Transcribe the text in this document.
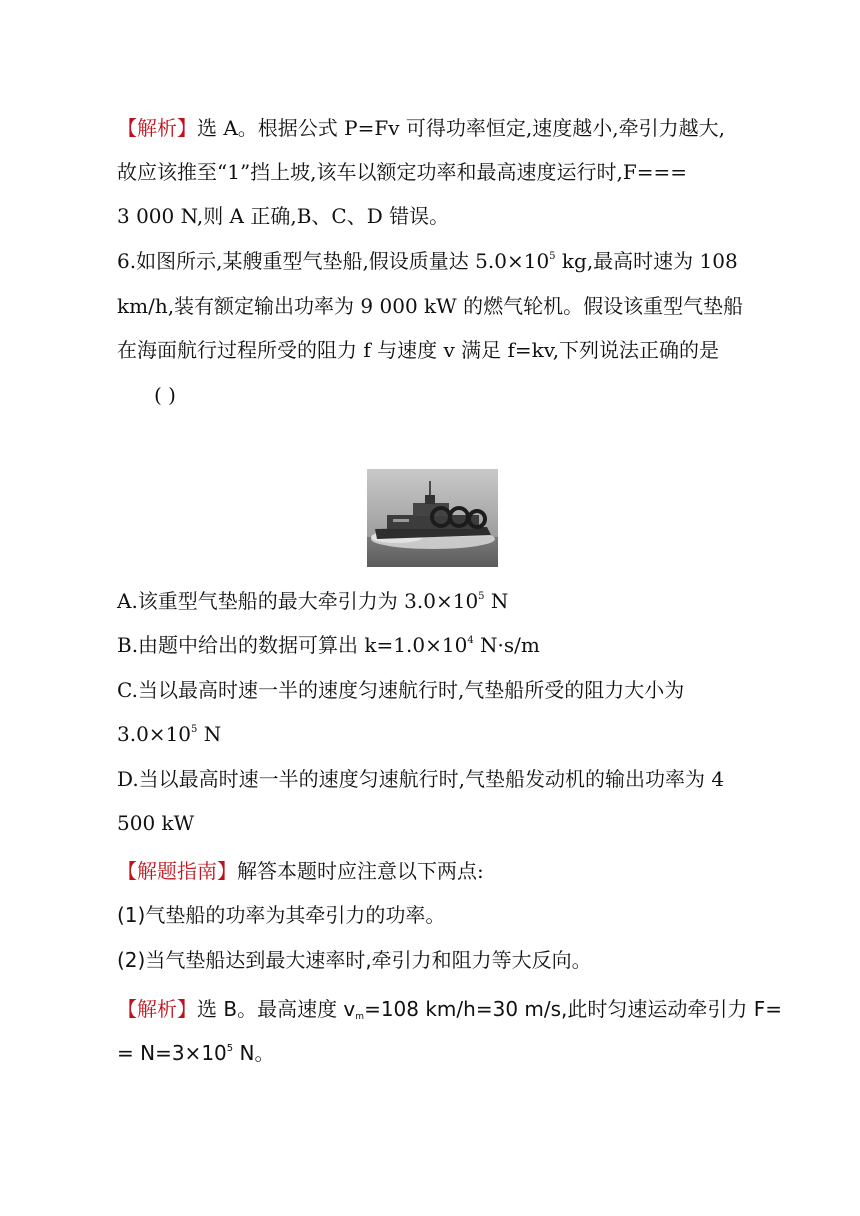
【解析】选 A。根据公式 P=Fv 可得功率恒定,速度越小,牵引力越大,
故应该推至“1”挡上坡,该车以额定功率和最高速度运行时,F===
3 000 N,则 A 正确,B、C、D 错误。
6.如图所示,某艘重型气垫船,假设质量达 $5.0\times 10^5$ kg,最高时速为 108
km/h,装有额定输出功率为 9 000 kW 的燃气轮机。假设该重型气垫船
在海面航行过程所受的阻力 f 与速度 v 满足 f=kv,下列说法正确的是
( )
A.该重型气垫船的最大牵引力为 $3.0\times 10^5$ N
B.由题中给出的数据可算出 $k=1.0\times 10^4$ N·s/m
C.当以最高时速一半的速度匀速航行时,气垫船所受的阻力大小为
$3.0\times 10^5$ N
D.当以最高时速一半的速度匀速航行时,气垫船发动机的输出功率为 4
500 kW
【解题指南】解答本题时应注意以下两点:
(1)气垫船的功率为其牵引力的功率。
(2)当气垫船达到最大速率时,牵引力和阻力等大反向。
【解析】选 B。最高速度 $v_m=108$ km/h=30 m/s,此时匀速运动牵引力 F=
= $N=3\times 10^5$ N。
